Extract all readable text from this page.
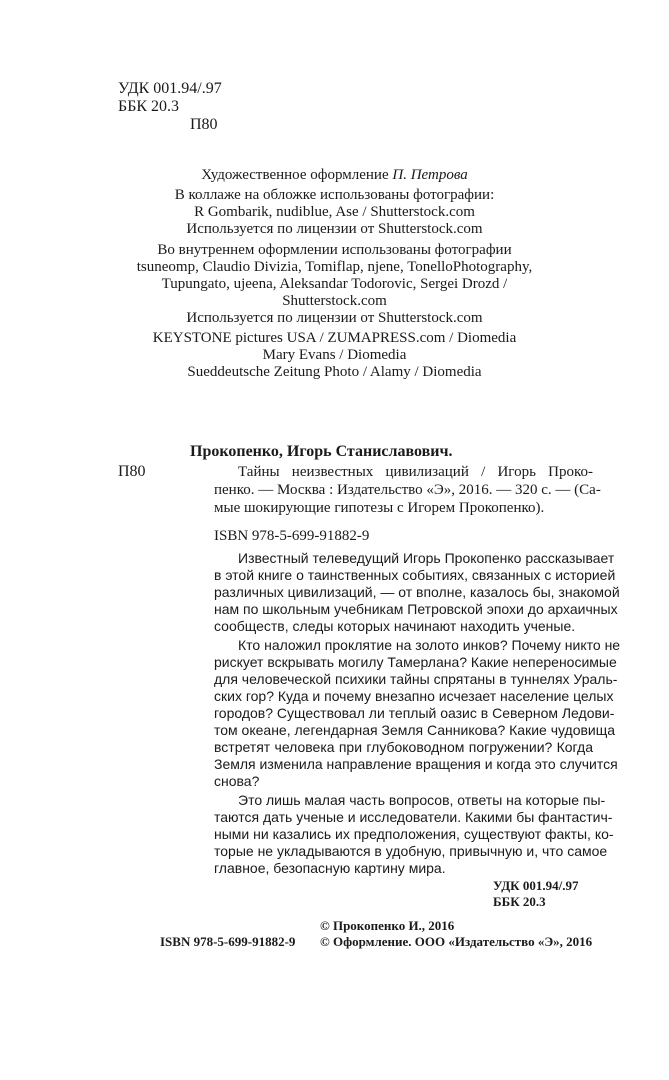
УДК 001.94/.97
ББК 20.3
П80
Художественное оформление П. Петрова
В коллаже на обложке использованы фотографии:
R Gombarik, nudiblue, Ase / Shutterstock.com
Используется по лицензии от Shutterstock.com
Во внутреннем оформлении использованы фотографии
tsuneomp, Claudio Divizia, Tomiflap, njene, TonelloPhotography,
Tupungato, ujeena, Aleksandar Todorovic, Sergei Drozd /
Shutterstock.com
Используется по лицензии от Shutterstock.com
KEYSTONE pictures USA / ZUMAPRESS.com / Diomedia
Mary Evans / Diomedia
Sueddeutsche Zeitung Photo / Alamy / Diomedia
Прокопенко, Игорь Станиславович.
П80	Тайны неизвестных цивилизаций / Игорь Проко-
пенко. — Москва : Издательство «Э», 2016. — 320 с. — (Са-
мые шокирующие гипотезы с Игорем Прокопенко).
ISBN 978-5-699-91882-9
Известный телеведущий Игорь Прокопенко рассказывает
в этой книге о таинственных событиях, связанных с историей
различных цивилизаций, — от вполне, казалось бы, знакомой
нам по школьным учебникам Петровской эпохи до архаичных
сообществ, следы которых начинают находить ученые.
Кто наложил проклятие на золото инков? Почему никто не
рискует вскрывать могилу Тамерлана? Какие непереносимые
для человеческой психики тайны спрятаны в туннелях Ураль-
ских гор? Куда и почему внезапно исчезает население целых
городов? Существовал ли теплый оазис в Северном Ледови-
том океане, легендарная Земля Санникова? Какие чудовища
встретят человека при глубоководном погружении? Когда
Земля изменила направление вращения и когда это случится
снова?
Это лишь малая часть вопросов, ответы на которые пы-
таются дать ученые и исследователи. Какими бы фантастич-
ными ни казались их предположения, существуют факты, ко-
торые не укладываются в удобную, привычную и, что самое
главное, безопасную картину мира.
УДК 001.94/.97
ББК 20.3
© Прокопенко И., 2016
ISBN 978-5-699-91882-9 © Оформление. ООО «Издательство «Э», 2016
